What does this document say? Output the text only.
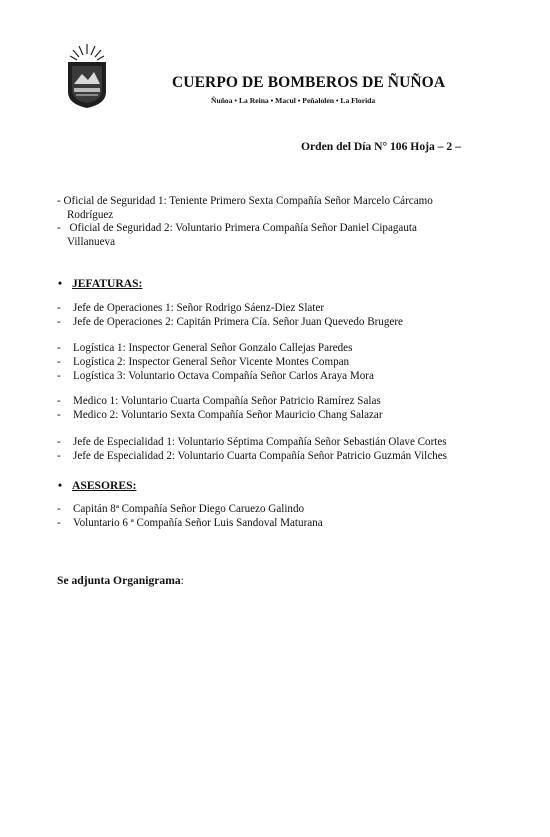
CUERPO DE BOMBEROS DE ÑUÑOA
Ñuñoa • La Reina • Macul • Peñalolen • La Florida
Orden del Día N° 106 Hoja – 2 –
- Oficial de Seguridad 1: Teniente Primero Sexta Compañía Señor Marcelo Cárcamo
Rodríguez
- Oficial de Seguridad 2: Voluntario Primera Compañía Señor Daniel Cipagauta
Villanueva
• JEFATURAS:
- Jefe de Operaciones 1: Señor Rodrigo Sáenz-Diez Slater
- Jefe de Operaciones 2: Capitán Primera Cía. Señor Juan Quevedo Brugere
- Logística 1: Inspector General Señor Gonzalo Callejas Paredes
- Logística 2: Inspector General Señor Vicente Montes Compan
- Logística 3: Voluntario Octava Compañía Señor Carlos Araya Mora
- Medico 1: Voluntario Cuarta Compañía Señor Patricio Ramírez Salas
- Medico 2: Voluntario Sexta Compañía Señor Mauricio Chang Salazar
- Jefe de Especialidad 1: Voluntario Séptima Compañía Señor Sebastián Olave Cortes
- Jefe de Especialidad 2: Voluntario Cuarta Compañía Señor Patricio Guzmán Vilches
• ASESORES:
- Capitán 8ª Compañía Señor Diego Caruezo Galindo
- Voluntario 6 ª Compañía Señor Luis Sandoval Maturana
Se adjunta Organigrama:
